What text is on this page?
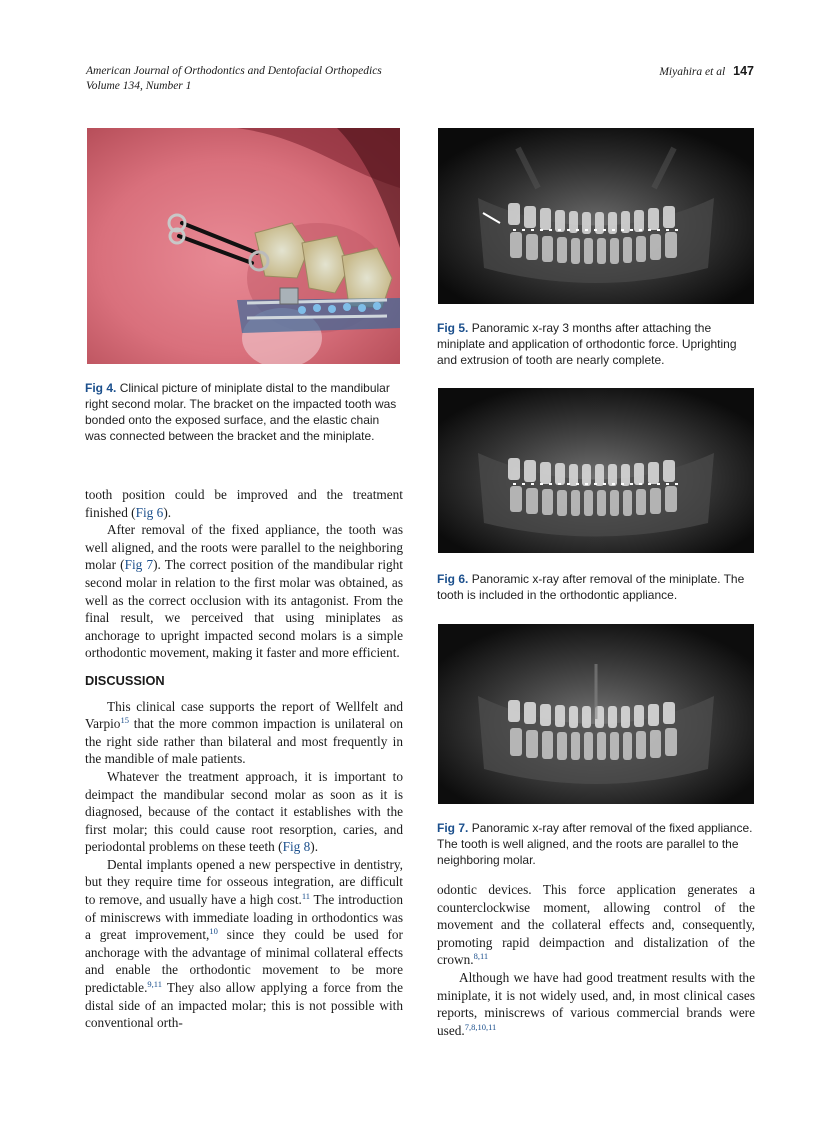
American Journal of Orthodontics and Dentofacial Orthopedics
Volume 134, Number 1
Miyahira et al 147
Fig 4. Clinical picture of miniplate distal to the mandibular right second molar. The bracket on the impacted tooth was bonded onto the exposed surface, and the elastic chain was connected between the bracket and the miniplate.
Fig 5. Panoramic x-ray 3 months after attaching the miniplate and application of orthodontic force. Uprighting and extrusion of tooth are nearly complete.
Fig 6. Panoramic x-ray after removal of the miniplate. The tooth is included in the orthodontic appliance.
Fig 7. Panoramic x-ray after removal of the fixed appliance. The tooth is well aligned, and the roots are parallel to the neighboring molar.

tooth position could be improved and the treatment finished (Fig 6).

After removal of the fixed appliance, the tooth was well aligned, and the roots were parallel to the neighboring molar (Fig 7). The correct position of the mandibular right second molar in relation to the first molar was obtained, as well as the correct occlusion with its antagonist. From the final result, we perceived that using miniplates as anchorage to upright impacted second molars is a simple orthodontic movement, making it faster and more efficient.

DISCUSSION

This clinical case supports the report of Wellfelt and Varpio$^{15}$ that the more common impaction is unilateral on the right side rather than bilateral and most frequently in the mandible of male patients.

Whatever the treatment approach, it is important to deimpact the mandibular second molar as soon as it is diagnosed, because of the contact it establishes with the first molar; this could cause root resorption, caries, and periodontal problems on these teeth (Fig 8).

Dental implants opened a new perspective in dentistry, but they require time for osseous integration, are difficult to remove, and usually have a high cost.$^{11}$ The introduction of miniscrews with immediate loading in orthodontics was a great improvement,$^{10}$ since they could be used for anchorage with the advantage of minimal collateral effects and enable the orthodontic movement to be more predictable.$^{9,11}$ They also allow applying a force from the distal side of an impacted molar; this is not possible with conventional orth-

odontic devices. This force application generates a counterclockwise moment, allowing control of the movement and the collateral effects and, consequently, promoting rapid deimpaction and distalization of the crown.$^{8,11}$

Although we have had good treatment results with the miniplate, it is not widely used, and, in most clinical cases reports, miniscrews of various commercial brands were used.$^{7,8,10,11}$
